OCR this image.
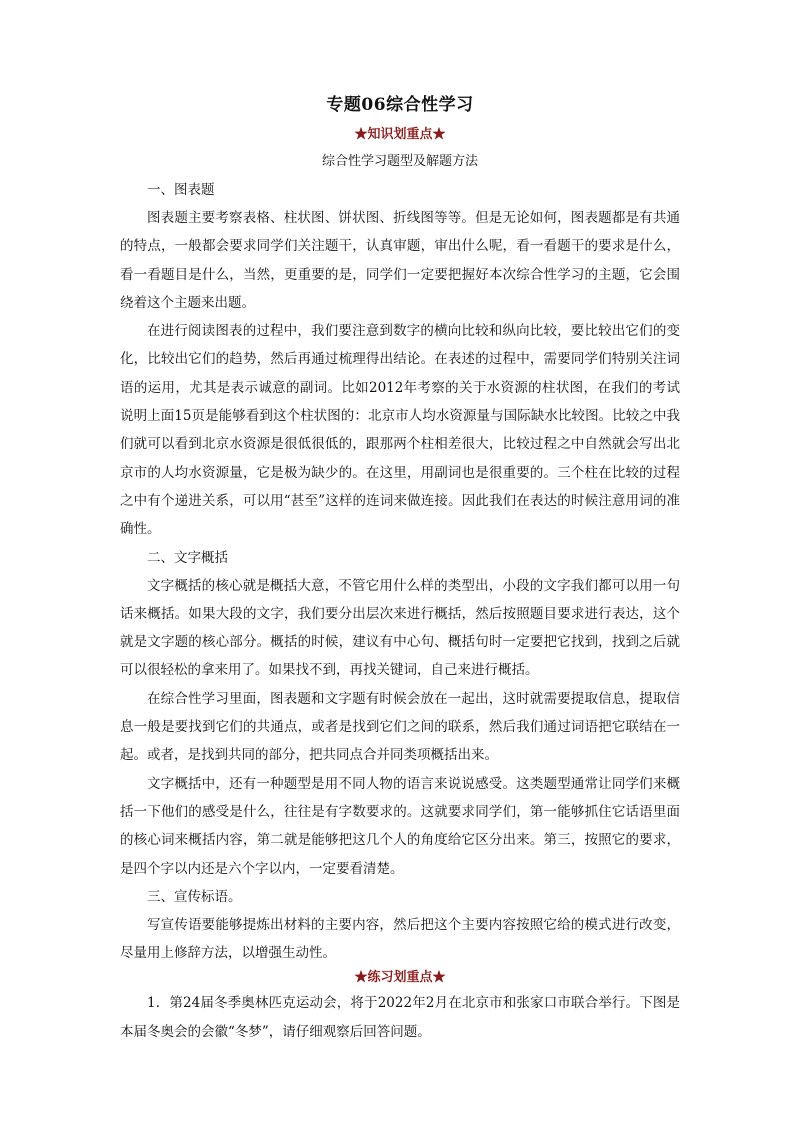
专题06综合性学习

★知识划重点★

综合性学习题型及解题方法

一、图表题

图表题主要考察表格、柱状图、饼状图、折线图等等。但是无论如何，图表题都是有共通的特点，一般都会要求同学们关注题干，认真审题，审出什么呢，看一看题干的要求是什么，看一看题目是什么，当然，更重要的是，同学们一定要把握好本次综合性学习的主题，它会围绕着这个主题来出题。

在进行阅读图表的过程中，我们要注意到数字的横向比较和纵向比较，要比较出它们的变化，比较出它们的趋势，然后再通过梳理得出结论。在表述的过程中，需要同学们特别关注词语的运用，尤其是表示诚意的副词。比如2012年考察的关于水资源的柱状图，在我们的考试说明上面15页是能够看到这个柱状图的：北京市人均水资源量与国际缺水比较图。比较之中我们就可以看到北京水资源是很低很低的，跟那两个柱相差很大，比较过程之中自然就会写出北京市的人均水资源量，它是极为缺少的。在这里，用副词也是很重要的。三个柱在比较的过程之中有个递进关系，可以用“甚至”这样的连词来做连接。因此我们在表达的时候注意用词的准确性。

二、文字概括

文字概括的核心就是概括大意，不管它用什么样的类型出，小段的文字我们都可以用一句话来概括。如果大段的文字，我们要分出层次来进行概括，然后按照题目要求进行表达，这个就是文字题的核心部分。概括的时候，建议有中心句、概括句时一定要把它找到，找到之后就可以很轻松的拿来用了。如果找不到，再找关键词，自己来进行概括。

在综合性学习里面，图表题和文字题有时候会放在一起出，这时就需要提取信息，提取信息一般是要找到它们的共通点，或者是找到它们之间的联系，然后我们通过词语把它联结在一起。或者，是找到共同的部分，把共同点合并同类项概括出来。

文字概括中，还有一种题型是用不同人物的语言来说说感受。这类题型通常让同学们来概括一下他们的感受是什么，往往是有字数要求的。这就要求同学们，第一能够抓住它话语里面的核心词来概括内容，第二就是能够把这几个人的角度给它区分出来。第三，按照它的要求，是四个字以内还是六个字以内，一定要看清楚。

三、宣传标语。

写宣传语要能够提炼出材料的主要内容，然后把这个主要内容按照它给的模式进行改变，尽量用上修辞方法，以增强生动性。

★练习划重点★

1．第24届冬季奥林匹克运动会，将于2022年2月在北京市和张家口市联合举行。下图是本届冬奥会的会徽“冬梦”，请仔细观察后回答问题。
